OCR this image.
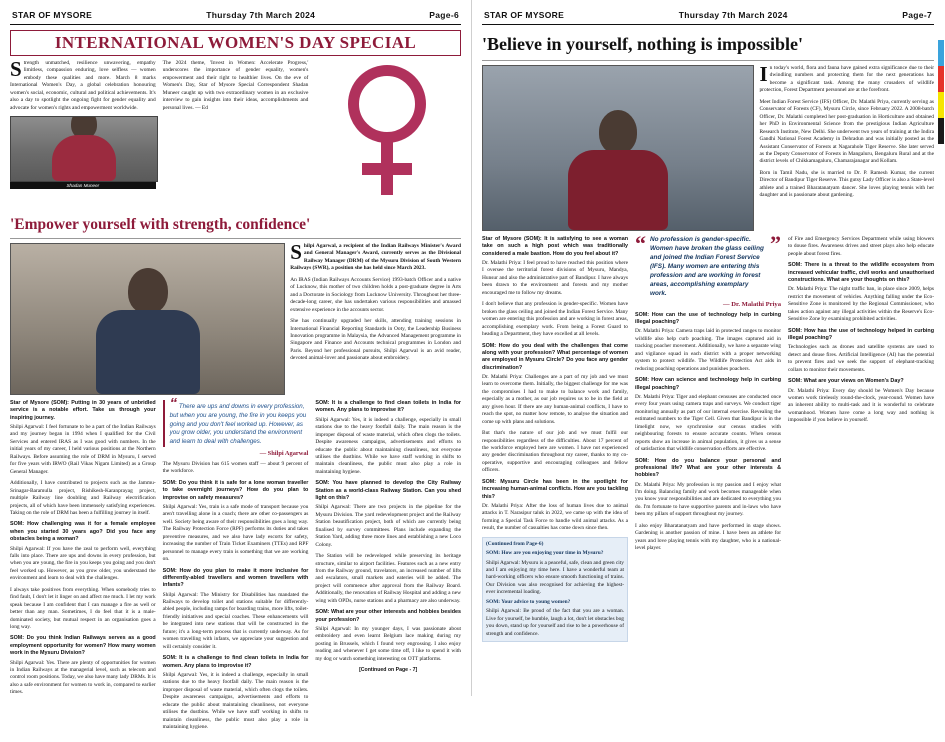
STAR OF MYSORE	Thursday 7th March 2024	Page-6
INTERNATIONAL WOMEN'S DAY SPECIAL

Strength unmatched, resilience unwavering, empathy limitless, compassion enduring, love selfless — women embody these qualities and more. March 8 marks International Women's Day, a global celebration honouring women's social, economic, cultural and political achievements. It's also a day to spotlight the ongoing fight for gender equality and advocate for women's rights and empowerment worldwide.

Shadan Muneer

The 2024 theme, 'Invest in Women: Accelerate Progress,' underscores the importance of gender equality, women's empowerment and their right to healthier lives. On the eve of Women's Day, Star of Mysore Special Correspondent Shadan Muneer caught up with two extraordinary women in an exclusive interview to gain insights into their ideas, accomplishments and personal lives. — Ed

'Empower yourself with strength, confidence'

Shilpi Agarwal, a recipient of the Indian Railways Minister's Award and General Manager's Award, currently serves as the Divisional Railway Manager (DRM) of the Mysuru Division of South Western Railways (SWR), a position she has held since March 2023.

An IRAS (Indian Railways Accounts Service) 1993-batch Officer and a native of Lucknow, this mother of two children holds a post-graduate degree in Arts and a Doctorate in Sociology from Lucknow University. Throughout her three-decade-long career, she has undertaken various responsibilities and amassed extensive experience in the accounts sector.

She has continually upgraded her skills, attending training sessions in International Financial Reporting Standards in Ooty, the Leadership Business Innovation programme in Malaysia, the Advanced Management programme in Singapore and Finance and Accounts technical programmes in London and Paris. Beyond her professional pursuits, Shilpi Agarwal is an avid reader, devoted animal-lover and passionate about embroidery.

Star of Mysore (SOM): Putting in 30 years of unbridled service is a notable effort. Take us through your inspiring journey.

Shilpi Agarwal: I feel fortunate to be a part of the Indian Railways and my journey began in 1994 when I qualified for the Civil Services and entered IRAS as I was good with numbers. In the initial years of my career, I held various positions at the Northern Railways. Before assuming the role of DRM in Mysuru, I served for five years with IRWO (Rail Vikas Nigam Limited) as a Group General Manager.

Additionally, I have contributed to projects such as the Jammu-Srinagar-Baramulla project, Rishikesh-Karanprayag project, multiple Railway line doubling and Railway electrification projects, all of which have been immensely satisfying experiences. Taking on the role of DRM has been a fulfilling journey in itself.

SOM: How challenging was it for a female employee when you started 30 years ago? Did you face any obstacles being a woman?

Shilpi Agarwal: If you have the zeal to perform well, everything falls into place. There are ups and downs in every profession, but when you are young, the fire in you keeps you going and you don't feel worked up. However, as you grow older, you understand the environment and learn to deal with the challenges.

I always take positives from everything. When somebody tries to find fault, I don't let it linger on and affect me much. I let my work speak because I am confident that I can manage a fire as well or better than any man. Sometimes, I do feel that it is a male-dominated society, but mutual respect in an organisation goes a long way.

SOM: Do you think Indian Railways serves as a good employment opportunity for women? How many women work in the Mysuru Division?

Shilpi Agarwal: Yes. There are plenty of opportunities for women in Indian Railways at the managerial level, such as telecom and control room positions. Today, we also have many lady DRMs. It is also a safe environment for women to work in, compared to earlier times.

“ There are ups and downs in every profession, but when you are young, the fire in you keeps you going and you don't feel worked up. However, as you grow older, you understand the environment and learn to deal with challenges.
— Shilpi Agarwal

The Mysuru Division has 615 women staff — about 9 percent of the workforce.

SOM: Do you think it is safe for a lone woman traveller to take overnight journeys? How do you plan to improvise on safety measures?

Shilpi Agarwal: Yes, train is a safe mode of transport because you aren't travelling alone in a coach; there are other co-passengers as well. Society being aware of their responsibilities goes a long way. The Railway Protection Force (RPF) performs its duties and takes preventive measures, and we also have lady escorts for safety, increasing the number of Train Ticket Examiners (TTEs) and RPF personnel to manage every train is something that we are working on.

SOM: How do you plan to make it more inclusive for differently-abled travellers and women travellers with infants?

Shilpi Agarwal: The Ministry for Disabilities has mandated the Railways to develop toilet and stations suitable for differently-abled people, including ramps for boarding trains, more lifts, toilet-friendly initiatives and special coaches. These enhancements will be integrated into new stations that will be constructed in the future; it's a long-term process that is currently underway. As for women travelling with infants, we appreciate your suggestion and will certainly consider it.

SOM: It is a challenge to find clean toilets in India for women. Any plans to improvise it?

Shilpi Agarwal: Yes, it is indeed a challenge, especially in small stations due to the heavy footfall daily. The main reason is the improper disposal of waste material, which often clogs the toilets. Despite awareness campaigns, advertisements and efforts to educate the public about maintaining cleanliness, not everyone utilises the dustbins. While we have staff working in shifts to maintain cleanliness, the public must also play a role in maintaining hygiene.

SOM: It is a challenge to find clean toilets in India for women. Any plans to improvise it?

Shilpi Agarwal: Yes, it is indeed a challenge, especially in small stations due to the heavy footfall daily. The main reason is the improper disposal of waste material, which often clogs the toilets. Despite awareness campaigns, advertisements and efforts to educate the public about maintaining cleanliness, not everyone utilises the dustbins. While we have staff working in shifts to maintain cleanliness, the public must also play a role in maintaining hygiene.

SOM: You have planned to develop the City Railway Station as a world-class Railway Station. Can you shed light on this?

Shilpi Agarwal: There are two projects in the pipeline for the Mysuru Division. The yard redevelopment project and the Railway Station beautification project, both of which are currently being finalised by survey committees. Plans include expanding the Station Yard, adding three more lines and establishing a new Loco Colony.

The Station will be redeveloped while preserving its heritage structure, similar to airport facilities. Features such as a new entry from the Railway ground, travelators, an increased number of lifts and escalators, small markets and eateries will be added. The project will commence after approval from the Railway Board. Additionally, the renovation of Railway Hospital and adding a new wing with OPDs, nurse stations and a pharmacy are also underway.

SOM: What are your other interests and hobbies besides your profession?

Shilpi Agarwal: In my younger days, I was passionate about embroidery and even learnt Belgium lace making during my posting in Brussels, which I found very engrossing. I also enjoy reading and whenever I get some time off, I like to spend it with my dog or watch something interesting on OTT platforms.

[Continued on Page - 7]
STAR OF MYSORE	Thursday 7th March 2024	Page-7
'Believe in yourself, nothing is impossible'

In today's world, flora and fauna have gained extra significance due to their dwindling numbers and protecting them for the next generations has become a significant task. Among the many crusaders of wildlife protection, Forest Department personnel are at the forefront.

Meet Indian Forest Service (IFS) Officer, Dr. Malathi Priya, currently serving as Conservator of Forests (CF), Mysuru Circle, since February 2022. A 2008-batch Officer, Dr. Malathi completed her post-graduation in Horticulture and obtained her PhD in Environmental Science from the prestigious Indian Agriculture Research Institute, New Delhi. She underwent two years of training at the Indira Gandhi National Forest Academy in Dehradun and was initially posted as the Assistant Conservator of Forests at Nagarahole Tiger Reserve. She later served as the Deputy Conservator of Forests in Mangaluru, Bengaluru Rural and at the district levels of Chikkamagaluru, Chamarajanagar and Kollam.

Born in Tamil Nadu, she is married to Dr. P. Ramesh Kumar, the current Director of Bandipur Tiger Reserve. This gutsy Lady Officer is also a State-level athlete and a trained Bharatanatyam dancer. She loves playing tennis with her daughter and is passionate about gardening.

Star of Mysore (SOM): It is satisfying to see a woman take on such a high post which was traditionally considered a male bastion. How do you feel about it?

Dr. Malathi Priya: I feel proud to have reached this position where I oversee the territorial forest divisions of Mysuru, Mandya, Hunsur and also the administrative part of Bandipur. I have always been drawn to the environment and forests and my mother encouraged me to follow my dreams.

I don't believe that any profession is gender-specific. Women have broken the glass ceiling and joined the Indian Forest Service. Many women are entering this profession and are working in forest areas, accomplishing exemplary work. From being a Forest Guard to heading a Department, they have excelled at all levels.

SOM: How do you deal with the challenges that come along with your profession? What percentage of women are employed in Mysuru Circle? Do you face any gender discrimination?

Dr. Malathi Priya: Challenges are a part of my job and we must learn to overcome them. Initially, the biggest challenge for me was the compromises I had to make to balance work and family, especially as a mother, as our job requires us to be in the field at any given hour. If there are any human-animal conflicts, I have to reach the spot, no matter how remote, to analyse the situation and come up with plans and solutions.

But that's the nature of our job and we must fulfil our responsibilities regardless of the difficulties. About 17 percent of the workforce employed here are women. I have not experienced any gender discrimination throughout my career, thanks to my co-operative, supportive and encouraging colleagues and fellow officers.

SOM: Mysuru Circle has been in the spotlight for increasing human-animal conflicts. How are you tackling this?

Dr. Malathi Priya: After the loss of human lives due to animal attacks in T. Narasipur taluk in 2022, we came up with the idea of forming a Special Task Force to handle wild animal attacks. As a result, the number of casualties has come down since then.

(Continued from Page-6)
SOM: How are you enjoying your time in Mysuru?
Shilpi Agarwal: Mysuru is a peaceful, safe, clean and green city and I am enjoying my time here. I have a wonderful team at hard-working officers who ensure smooth functioning of trains. Our Division was also recognised for achieving the highest-ever incremental loading.
SOM: Your advice to young women?
Shilpi Agarwal: Be proud of the fact that you are a woman. Live for yourself, be humble, laugh a lot, don't let obstacles bog you down, stand up for yourself and rise to be a powerhouse of strength and confidence.
“ No profession is gender-specific. Women have broken the glass ceiling and joined the Indian Forest Service (IFS). Many women are entering this profession and are working in forest areas, accomplishing exemplary work.
”
— Dr. Malathi Priya

SOM: How can the use of technology help in curbing illegal poaching?

Dr. Malathi Priya: Camera traps laid in protected ranges to monitor wildlife also help curb poaching. The images captured aid in tracking poacher movement. Additionally, we have a separate wing and vigilance squad in each district with a proper networking system to protect wildlife. The Wildlife Protection Act aids in reducing poaching operations and punishes poachers.

SOM: How can science and technology help in curbing illegal poaching?

Dr. Malathi Priya: Tiger and elephant censuses are conducted once every four years using camera traps and surveys. We conduct tiger monitoring annually as part of our internal exercise. Revealing the estimated numbers to the Tiger Cell. Given that Bandipur is in the limelight now, we synchronise our census studies with neighbouring forests to ensure accurate counts. When census reports show an increase in animal population, it gives us a sense of satisfaction that wildlife conservation efforts are effective.

SOM: How do you balance your personal and professional life? What are your other interests & hobbies?

Dr. Malathi Priya: My profession is my passion and I enjoy what I'm doing. Balancing family and work becomes manageable when you know your responsibilities and are dedicated to everything you do. I'm fortunate to have supportive parents and in-laws who have been my pillars of support throughout my journey.

I also enjoy Bharatanatyam and have performed in stage shows. Gardening is another passion of mine. I have been an athlete for years and love playing tennis with my daughter, who is a national-level player.

of Fire and Emergency Services Department while using blowers to douse fires. Awareness drives and street plays also help educate people about forest fires.

SOM: There is a threat to the wildlife ecosystem from increased vehicular traffic, civil works and unauthorised constructions. What are your thoughts on this?

Dr. Malathi Priya: The night traffic ban, in place since 2009, helps restrict the movement of vehicles. Anything falling under the Eco-Sensitive Zone is monitored by the Regional Commissioner, who takes action against any illegal activities within the Reserve's Eco-Sensitive Zone by examining prohibited activities.

SOM: How has the use of technology helped in curbing illegal poaching?

Technologies such as drones and satellite systems are used to detect and douse fires. Artificial Intelligence (AI) has the potential to prevent fires and we seek the support of elephant-tracking collars to monitor their movements.

SOM: What are your views on Women's Day?

Dr. Malathi Priya: Every day should be Women's Day because women work tirelessly round-the-clock, year-round. Women have an inherent ability to multi-task and it is wonderful to celebrate womanhood. Women have come a long way and nothing is impossible if you believe in yourself.
